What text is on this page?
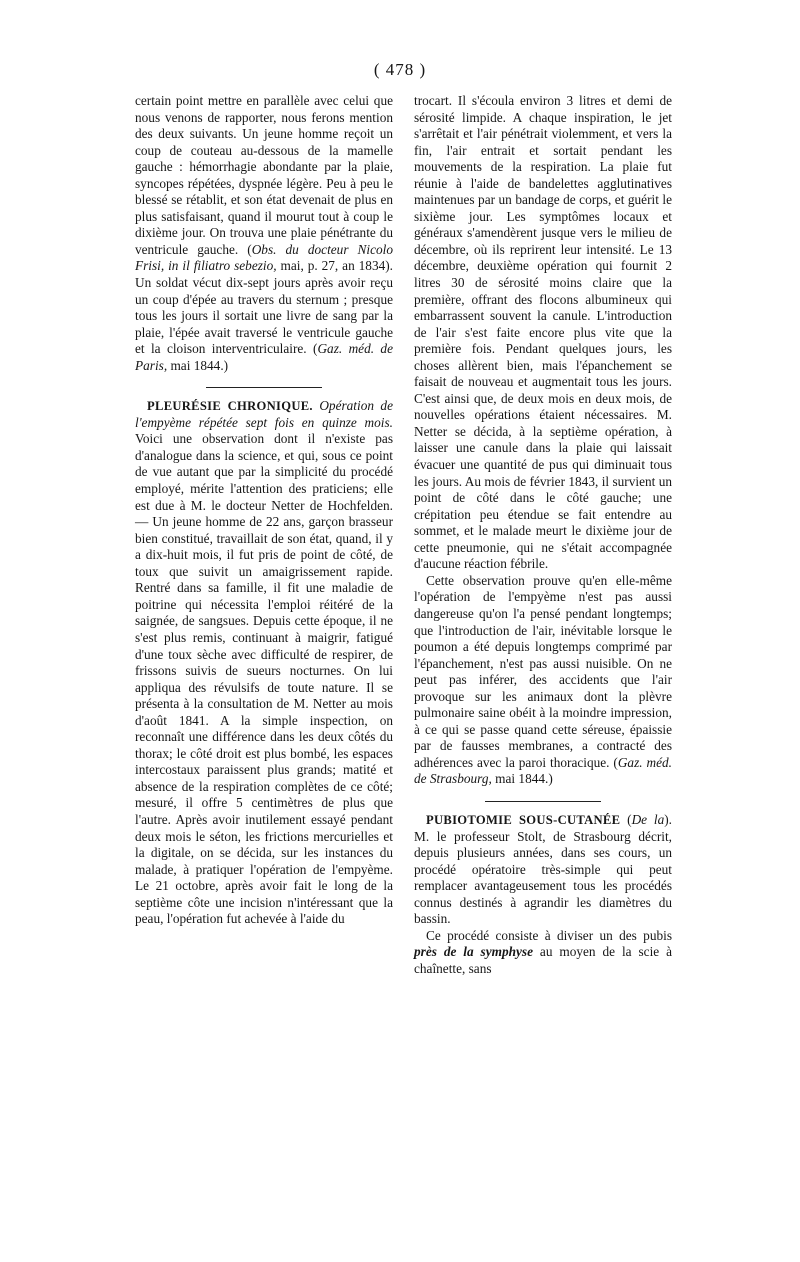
( 478 )

certain point mettre en parallèle avec celui que nous venons de rapporter, nous ferons mention des deux suivants. Un jeune homme reçoit un coup de couteau au-dessous de la mamelle gauche : hémorrhagie abondante par la plaie, syncopes répétées, dyspnée légère. Peu à peu le blessé se rétablit, et son état devenait de plus en plus satisfaisant, quand il mourut tout à coup le dixième jour. On trouva une plaie pénétrante du ventricule gauche. (Obs. du docteur Nicolo Frisi, in il filiatro sebezio, mai, p. 27, an 1834). Un soldat vécut dix-sept jours après avoir reçu un coup d'épée au travers du sternum ; presque tous les jours il sortait une livre de sang par la plaie, l'épée avait traversé le ventricule gauche et la cloison interventriculaire. (Gaz. méd. de Paris, mai 1844.)

PLEURÉSIE CHRONIQUE. Opération de l'empyème répétée sept fois en quinze mois. Voici une observation dont il n'existe pas d'analogue dans la science, et qui, sous ce point de vue autant que par la simplicité du procédé employé, mérite l'attention des praticiens; elle est due à M. le docteur Netter de Hochfelden. — Un jeune homme de 22 ans, garçon brasseur bien constitué, travaillait de son état, quand, il y a dix-huit mois, il fut pris de point de côté, de toux que suivit un amaigrissement rapide. Rentré dans sa famille, il fit une maladie de poitrine qui nécessita l'emploi réitéré de la saignée, de sangsues. Depuis cette époque, il ne s'est plus remis, continuant à maigrir, fatigué d'une toux sèche avec difficulté de respirer, de frissons suivis de sueurs nocturnes. On lui appliqua des révulsifs de toute nature. Il se présenta à la consultation de M. Netter au mois d'août 1841. A la simple inspection, on reconnaît une différence dans les deux côtés du thorax; le côté droit est plus bombé, les espaces intercostaux paraissent plus grands; matité et absence de la respiration complètes de ce côté; mesuré, il offre 5 centimètres de plus que l'autre. Après avoir inutilement essayé pendant deux mois le séton, les frictions mercurielles et la digitale, on se décida, sur les instances du malade, à pratiquer l'opération de l'empyème. Le 21 octobre, après avoir fait le long de la septième côte une incision n'intéressant que la peau, l'opération fut achevée à l'aide du

trocart. Il s'écoula environ 3 litres et demi de sérosité limpide. A chaque inspiration, le jet s'arrêtait et l'air pénétrait violemment, et vers la fin, l'air entrait et sortait pendant les mouvements de la respiration. La plaie fut réunie à l'aide de bandelettes agglutinatives maintenues par un bandage de corps, et guérit le sixième jour. Les symptômes locaux et généraux s'amendèrent jusque vers le milieu de décembre, où ils reprirent leur intensité. Le 13 décembre, deuxième opération qui fournit 2 litres 30 de sérosité moins claire que la première, offrant des flocons albumineux qui embarrassent souvent la canule. L'introduction de l'air s'est faite encore plus vite que la première fois. Pendant quelques jours, les choses allèrent bien, mais l'épanchement se faisait de nouveau et augmentait tous les jours. C'est ainsi que, de deux mois en deux mois, de nouvelles opérations étaient nécessaires. M. Netter se décida, à la septième opération, à laisser une canule dans la plaie qui laissait évacuer une quantité de pus qui diminuait tous les jours. Au mois de février 1843, il survient un point de côté dans le côté gauche; une crépitation peu étendue se fait entendre au sommet, et le malade meurt le dixième jour de cette pneumonie, qui ne s'était accompagnée d'aucune réaction fébrile.

Cette observation prouve qu'en elle-même l'opération de l'empyème n'est pas aussi dangereuse qu'on l'a pensé pendant longtemps; que l'introduction de l'air, inévitable lorsque le poumon a été depuis longtemps comprimé par l'épanchement, n'est pas aussi nuisible. On ne peut pas inférer, des accidents que l'air provoque sur les animaux dont la plèvre pulmonaire saine obéit à la moindre impression, à ce qui se passe quand cette séreuse, épaissie par de fausses membranes, a contracté des adhérences avec la paroi thoracique. (Gaz. méd. de Strasbourg, mai 1844.)

PUBIOTOMIE SOUS-CUTANÉE (De la). M. le professeur Stolt, de Strasbourg décrit, depuis plusieurs années, dans ses cours, un procédé opératoire très-simple qui peut remplacer avantageusement tous les procédés connus destinés à agrandir les diamètres du bassin.

Ce procédé consiste à diviser un des pubis près de la symphyse au moyen de la scie à chaînette, sans
